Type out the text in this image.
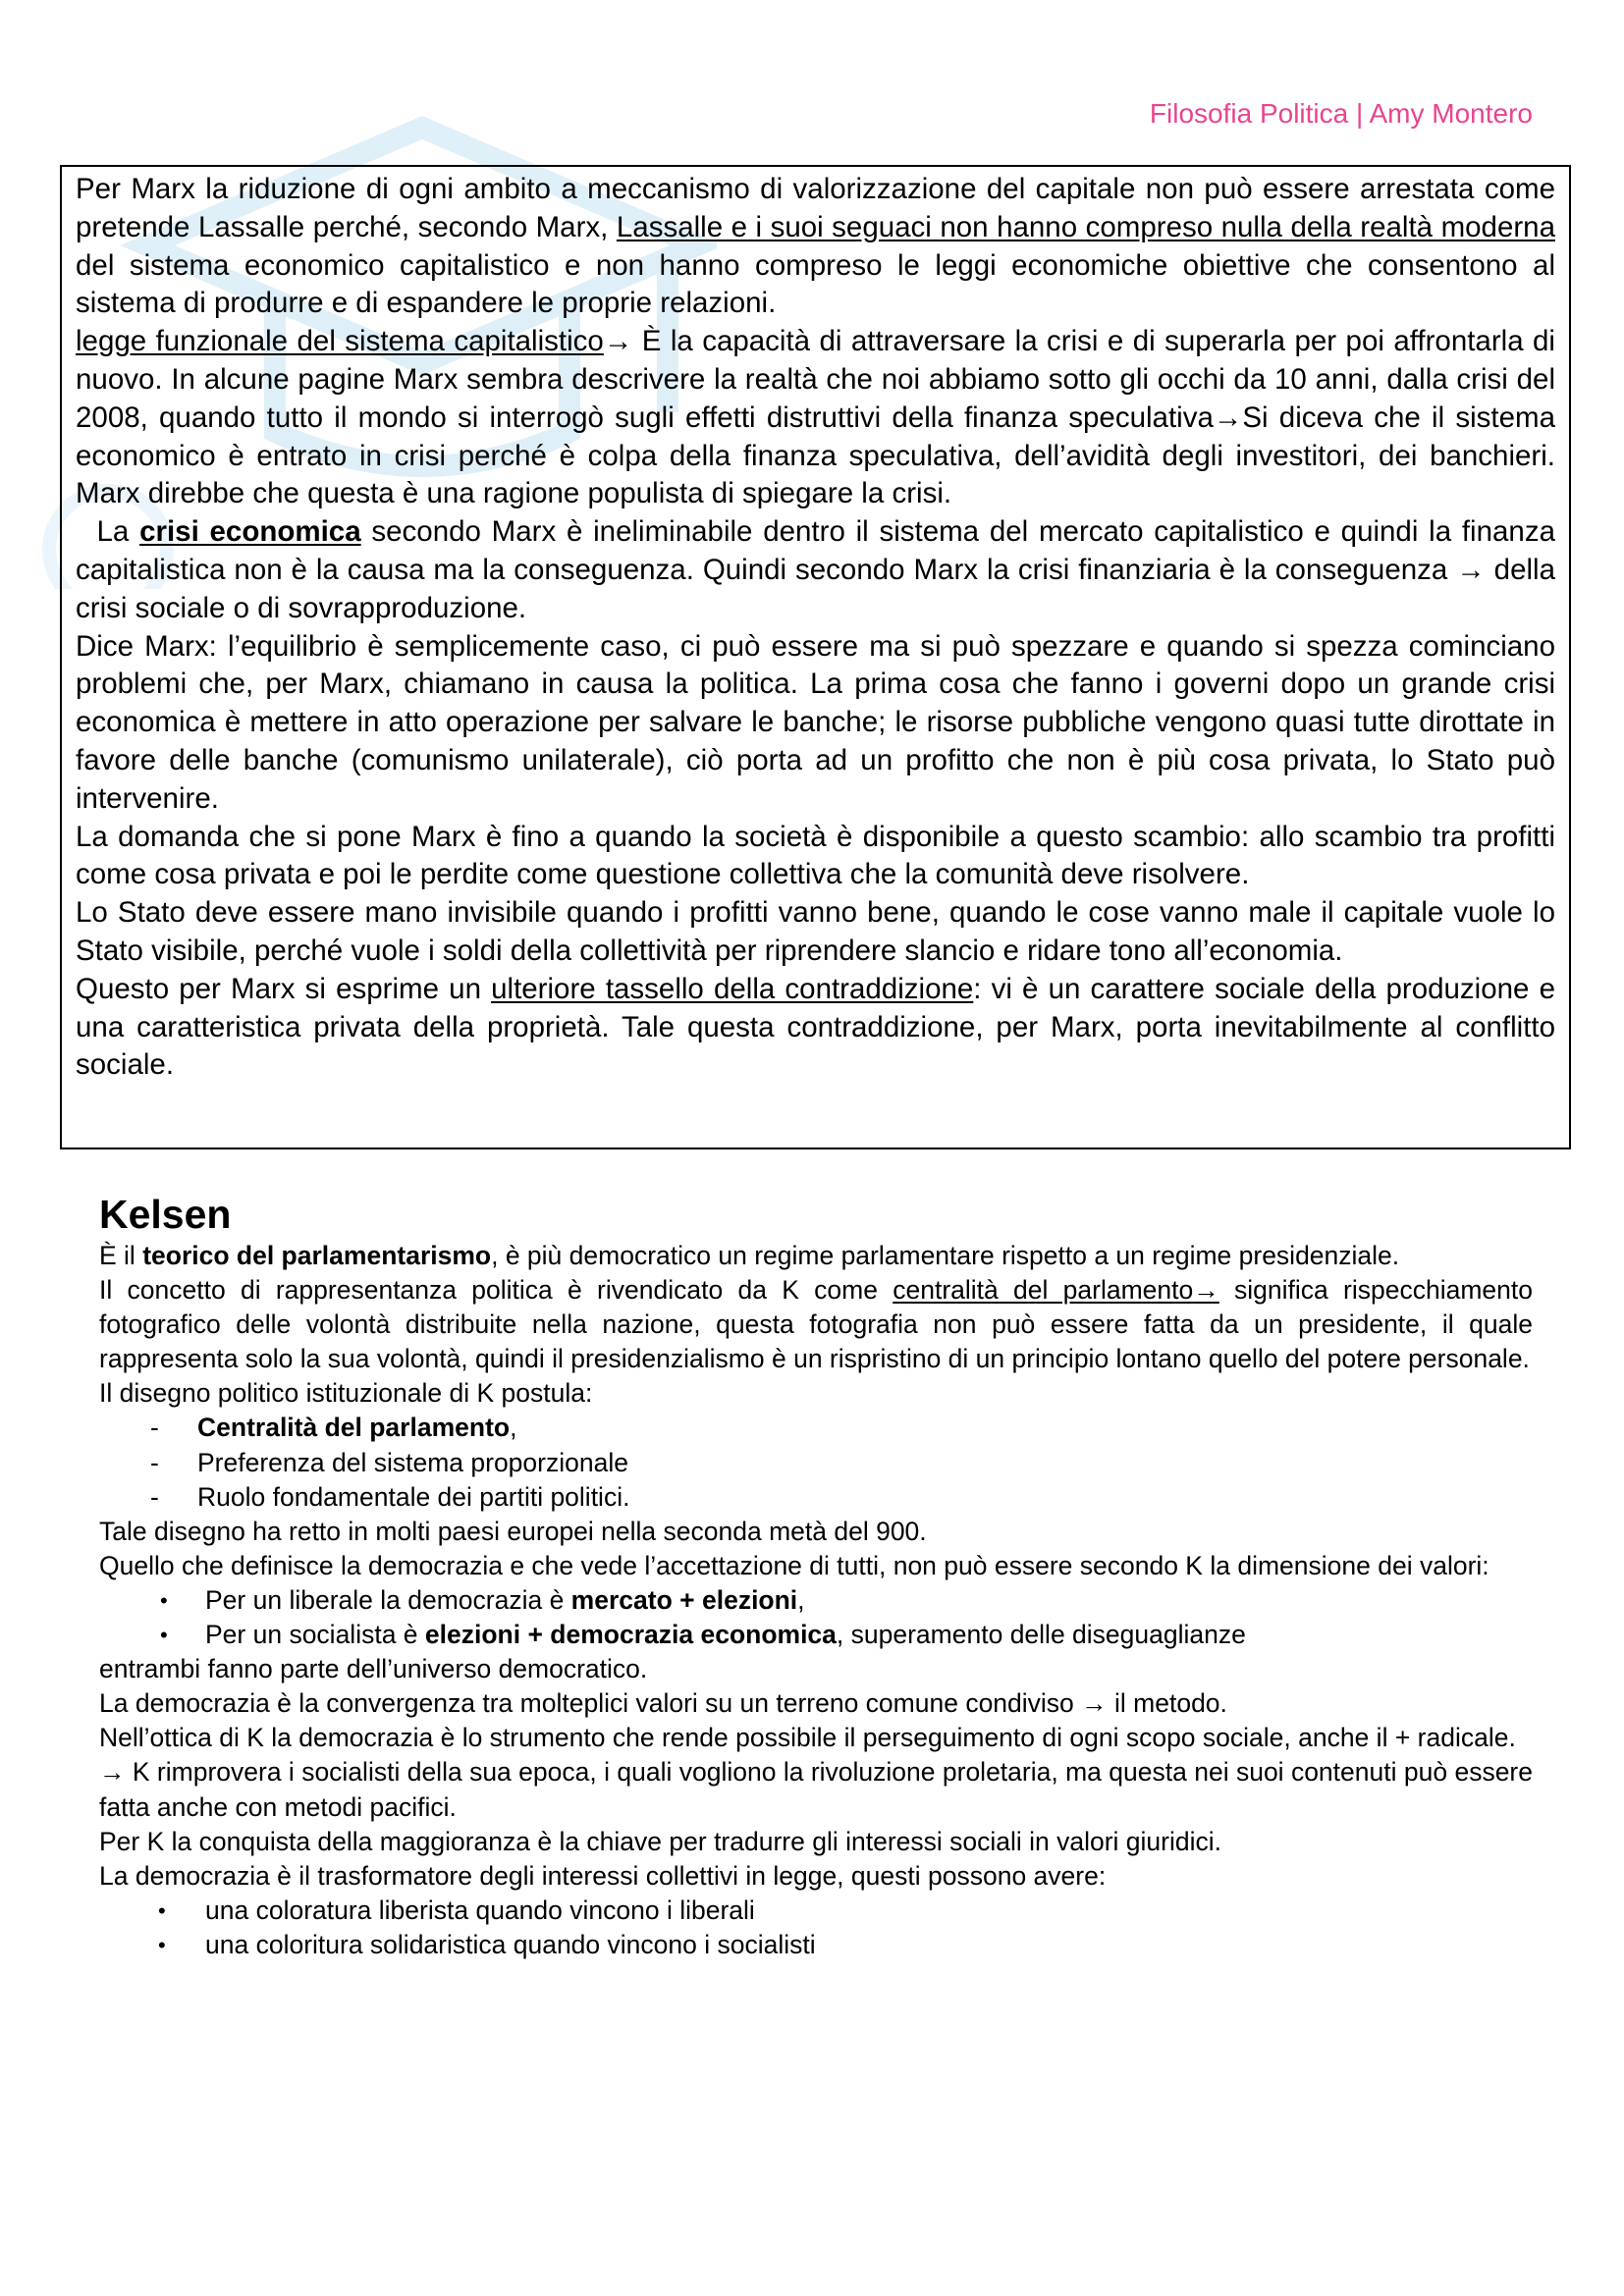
Filosofia Politica | Amy Montero

Per Marx la riduzione di ogni ambito a meccanismo di valorizzazione del capitale non può essere arrestata come pretende Lassalle perché, secondo Marx, Lassalle e i suoi seguaci non hanno compreso nulla della realtà moderna del sistema economico capitalistico e non hanno compreso le leggi economiche obiettive che consentono al sistema di produrre e di espandere le proprie relazioni.

legge funzionale del sistema capitalistico→ È la capacità di attraversare la crisi e di superarla per poi affrontarla di nuovo. In alcune pagine Marx sembra descrivere la realtà che noi abbiamo sotto gli occhi da 10 anni, dalla crisi del 2008, quando tutto il mondo si interrogò sugli effetti distruttivi della finanza speculativa→Si diceva che il sistema economico è entrato in crisi perché è colpa della finanza speculativa, dell’avidità degli investitori, dei banchieri. Marx direbbe che questa è una ragione populista di spiegare la crisi.

La crisi economica secondo Marx è ineliminabile dentro il sistema del mercato capitalistico e quindi la finanza capitalistica non è la causa ma la conseguenza. Quindi secondo Marx la crisi finanziaria è la conseguenza → della crisi sociale o di sovrapproduzione.

Dice Marx: l’equilibrio è semplicemente caso, ci può essere ma si può spezzare e quando si spezza cominciano problemi che, per Marx, chiamano in causa la politica. La prima cosa che fanno i governi dopo un grande crisi economica è mettere in atto operazione per salvare le banche; le risorse pubbliche vengono quasi tutte dirottate in favore delle banche (comunismo unilaterale), ciò porta ad un profitto che non è più cosa privata, lo Stato può intervenire.

La domanda che si pone Marx è fino a quando la società è disponibile a questo scambio: allo scambio tra profitti come cosa privata e poi le perdite come questione collettiva che la comunità deve risolvere.

Lo Stato deve essere mano invisibile quando i profitti vanno bene, quando le cose vanno male il capitale vuole lo Stato visibile, perché vuole i soldi della collettività per riprendere slancio e ridare tono all’economia.

Questo per Marx si esprime un ulteriore tassello della contraddizione: vi è un carattere sociale della produzione e una caratteristica privata della proprietà. Tale questa contraddizione, per Marx, porta inevitabilmente al conflitto sociale.

Kelsen

È il teorico del parlamentarismo, è più democratico un regime parlamentare rispetto a un regime presidenziale.

Il concetto di rappresentanza politica è rivendicato da K come centralità del parlamento→ significa rispecchiamento fotografico delle volontà distribuite nella nazione, questa fotografia non può essere fatta da un presidente, il quale rappresenta solo la sua volontà, quindi il presidenzialismo è un rispristino di un principio lontano quello del potere personale.

Il disegno politico istituzionale di K postula:

- Centralità del parlamento,
- Preferenza del sistema proporzionale
- Ruolo fondamentale dei partiti politici.

Tale disegno ha retto in molti paesi europei nella seconda metà del 900.

Quello che definisce la democrazia e che vede l’accettazione di tutti, non può essere secondo K la dimensione dei valori:

• Per un liberale la democrazia è mercato + elezioni,
• Per un socialista è elezioni + democrazia economica, superamento delle diseguaglianze

entrambi fanno parte dell’universo democratico.

La democrazia è la convergenza tra molteplici valori su un terreno comune condiviso → il metodo.

Nell’ottica di K la democrazia è lo strumento che rende possibile il perseguimento di ogni scopo sociale, anche il + radicale.

→ K rimprovera i socialisti della sua epoca, i quali vogliono la rivoluzione proletaria, ma questa nei suoi contenuti può essere fatta anche con metodi pacifici.

Per K la conquista della maggioranza è la chiave per tradurre gli interessi sociali in valori giuridici.

La democrazia è il trasformatore degli interessi collettivi in legge, questi possono avere:

• una coloratura liberista quando vincono i liberali
• una coloritura solidaristica quando vincono i socialisti
